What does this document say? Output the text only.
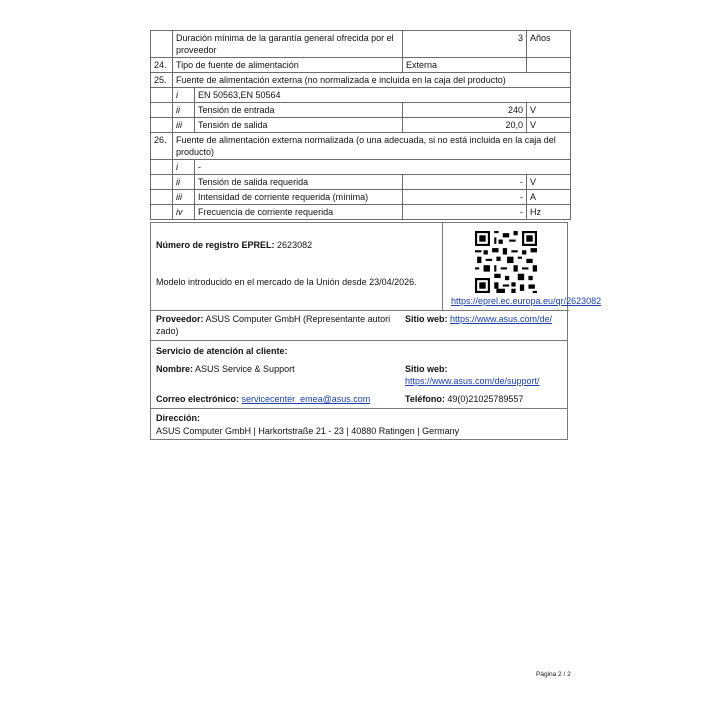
	Duración mínima de la garantía general ofrecida por el proveedor		3	Años
24.	Tipo de fuente de alimentación		Externa	
25.	Fuente de alimentación externa (no normalizada e incluida en la caja del producto)			
	i	EN 50563,EN 50564		
	ii	Tensión de entrada	240	V
	iii	Tensión de salida	20,0	V
26.	Fuente de alimentación externa normalizada (o una adecuada, si no está incluida en la caja del producto)			
	i	-		
	ii	Tensión de salida requerida	-	V
	iii	Intensidad de corriente requerida (mínima)	-	A
	iv	Frecuencia de corriente requerida	-	Hz
Número de registro EPREL: 2623082
Modelo introducido en el mercado de la Unión desde 23/04/2026.
https://eprel.ec.europa.eu/qr/2623082
Proveedor: ASUS Computer GmbH (Representante autori zado)
Sitio web: https://www.asus.com/de/
Servicio de atención al cliente:
Nombre: ASUS Service & Support	Sitio web: https://www.asus.com/de/support/
Correo electrónico: servicecenter_emea@asus.com	Teléfono: 49(0)21025789557
Dirección:
ASUS Computer GmbH | Harkortstraße 21 - 23 | 40880 Ratingen | Germany
Página 2 / 2
